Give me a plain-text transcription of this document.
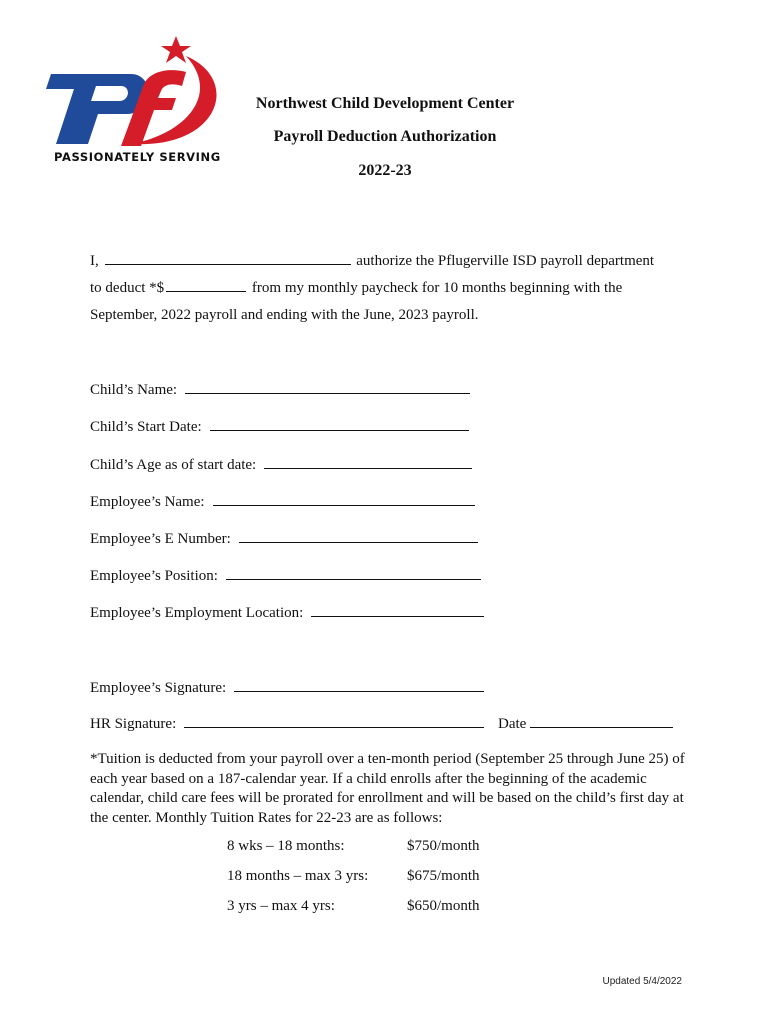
PASSIONATELY SERVING
Northwest Child Development Center
Payroll Deduction Authorization
2022-23
I,	authorize the Pflugerville ISD payroll department
to deduct *$	from my monthly paycheck for 10 months beginning with the
September, 2022 payroll and ending with the June, 2023 payroll.
Child’s Name:
Child’s Start Date:
Child’s Age as of start date:
Employee’s Name:
Employee’s E Number:
Employee’s Position:
Employee’s Employment Location:
Employee’s Signature:
HR Signature:	Date
*Tuition is deducted from your payroll over a ten-month period (September 25 through June 25) of each year based on a 187-calendar year. If a child enrolls after the beginning of the academic calendar, child care fees will be prorated for enrollment and will be based on the child’s first day at the center. Monthly Tuition Rates for 22-23 are as follows:
8 wks – 18 months:	$750/month
18 months – max 3 yrs:	$675/month
3 yrs – max 4 yrs:	$650/month
Updated 5/4/2022
